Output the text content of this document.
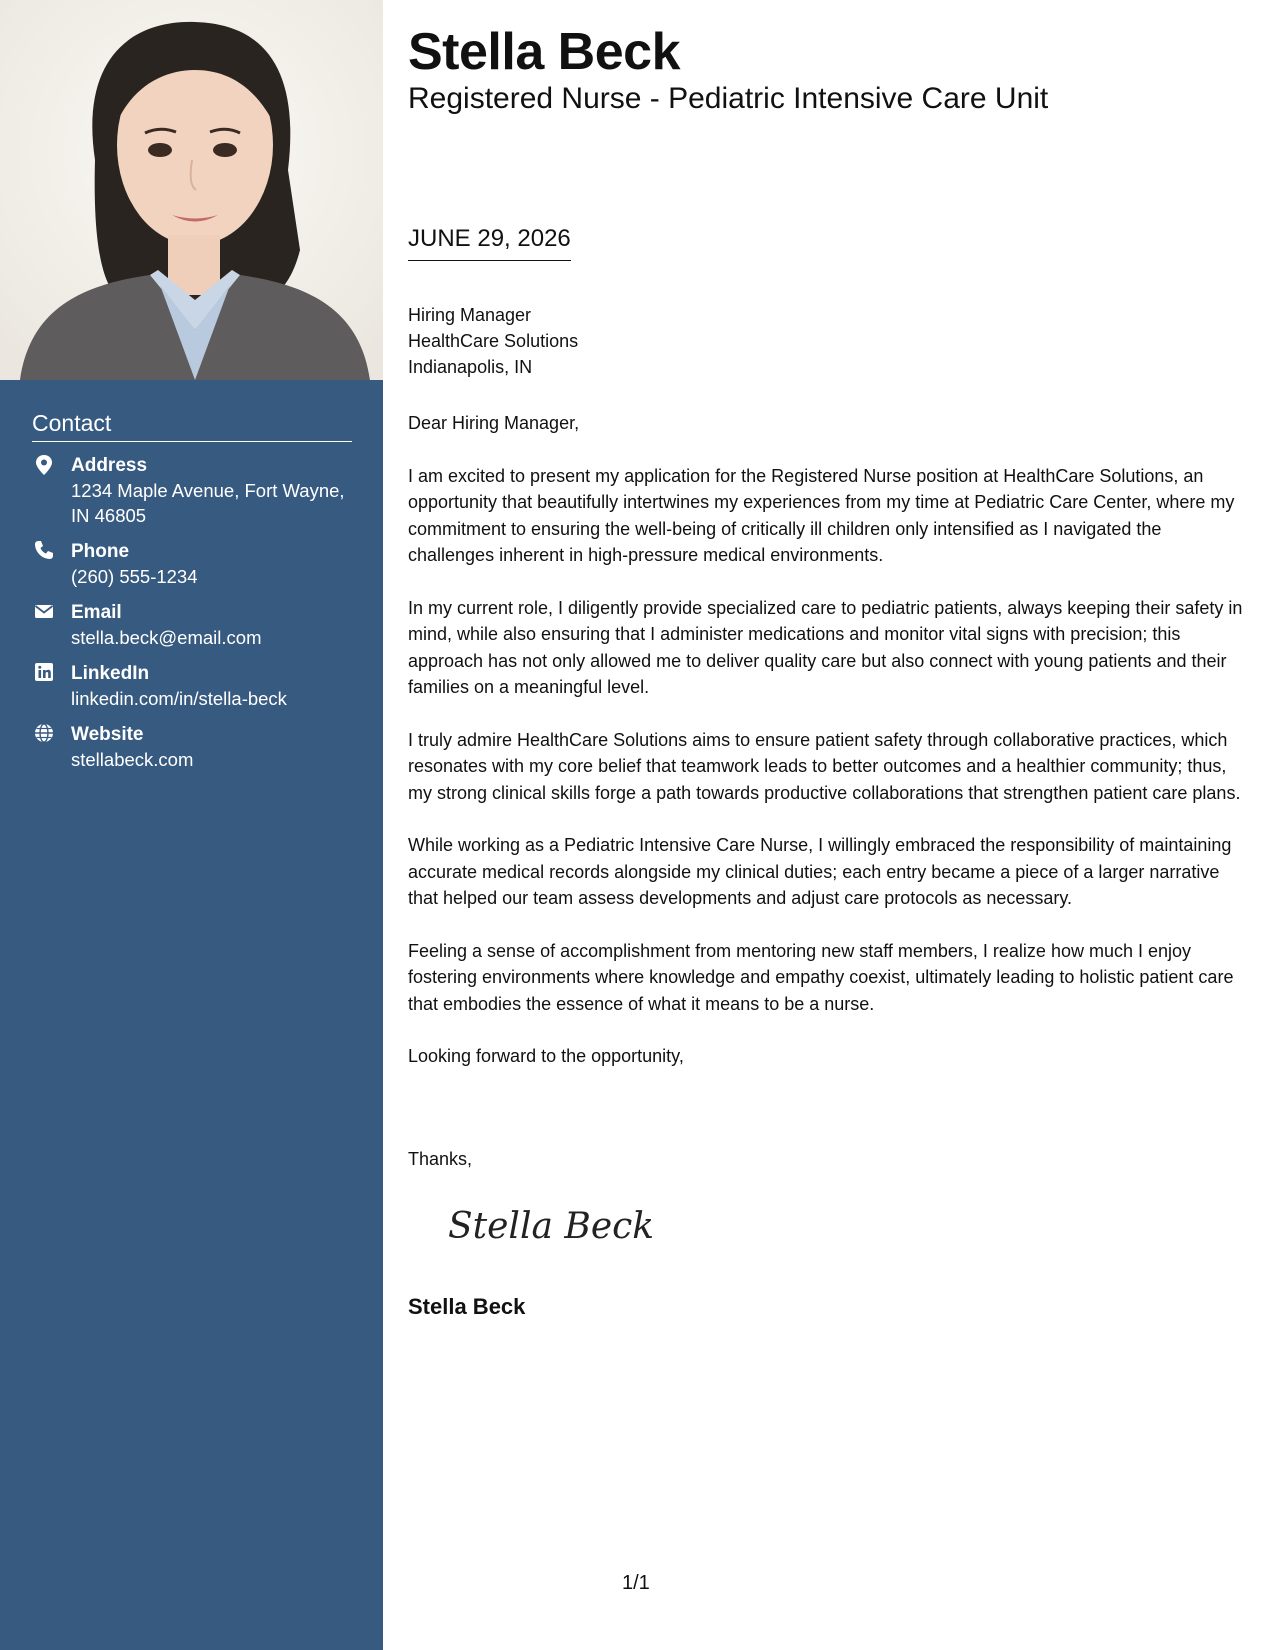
Contact
Address
1234 Maple Avenue, Fort Wayne, IN 46805
Phone
(260) 555-1234
Email
stella.beck@email.com
LinkedIn
linkedin.com/in/stella-beck
Website
stellabeck.com
Stella Beck
Registered Nurse - Pediatric Intensive Care Unit
JUNE 29, 2026
Hiring Manager
HealthCare Solutions
Indianapolis, IN

Dear Hiring Manager,

I am excited to present my application for the Registered Nurse position at HealthCare Solutions, an opportunity that beautifully intertwines my experiences from my time at Pediatric Care Center, where my commitment to ensuring the well-being of critically ill children only intensified as I navigated the challenges inherent in high-pressure medical environments.

In my current role, I diligently provide specialized care to pediatric patients, always keeping their safety in mind, while also ensuring that I administer medications and monitor vital signs with precision; this approach has not only allowed me to deliver quality care but also connect with young patients and their families on a meaningful level.

I truly admire HealthCare Solutions aims to ensure patient safety through collaborative practices, which resonates with my core belief that teamwork leads to better outcomes and a healthier community; thus, my strong clinical skills forge a path towards productive collaborations that strengthen patient care plans.

While working as a Pediatric Intensive Care Nurse, I willingly embraced the responsibility of maintaining accurate medical records alongside my clinical duties; each entry became a piece of a larger narrative that helped our team assess developments and adjust care protocols as necessary.

Feeling a sense of accomplishment from mentoring new staff members, I realize how much I enjoy fostering environments where knowledge and empathy coexist, ultimately leading to holistic patient care that embodies the essence of what it means to be a nurse.

Looking forward to the opportunity,

Thanks,
Stella Beck
Stella Beck
1/1
